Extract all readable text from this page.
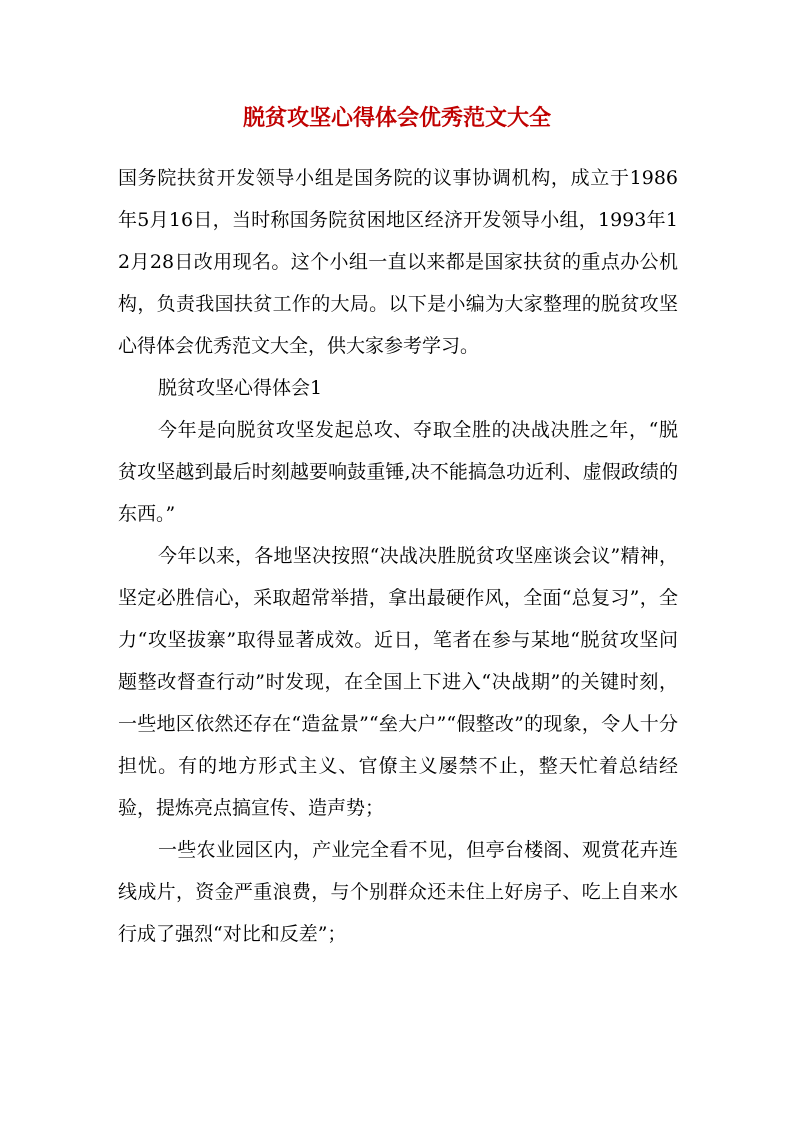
脱贫攻坚心得体会优秀范文大全

国务院扶贫开发领导小组是国务院的议事协调机构，成立于1986年5月16日，当时称国务院贫困地区经济开发领导小组，1993年12月28日改用现名。这个小组一直以来都是国家扶贫的重点办公机构，负责我国扶贫工作的大局。以下是小编为大家整理的脱贫攻坚心得体会优秀范文大全，供大家参考学习。

脱贫攻坚心得体会1

今年是向脱贫攻坚发起总攻、夺取全胜的决战决胜之年，“脱贫攻坚越到最后时刻越要响鼓重锤,决不能搞急功近利、虚假政绩的东西。”

今年以来，各地坚决按照“决战决胜脱贫攻坚座谈会议”精神，坚定必胜信心，采取超常举措，拿出最硬作风，全面“总复习”，全力“攻坚拔寨”取得显著成效。近日，笔者在参与某地“脱贫攻坚问题整改督查行动”时发现，在全国上下进入“决战期”的关键时刻，一些地区依然还存在“造盆景”“垒大户”“假整改”的现象，令人十分担忧。有的地方形式主义、官僚主义屡禁不止，整天忙着总结经验，提炼亮点搞宣传、造声势；

一些农业园区内，产业完全看不见，但亭台楼阁、观赏花卉连线成片，资金严重浪费，与个别群众还未住上好房子、吃上自来水行成了强烈“对比和反差”；
